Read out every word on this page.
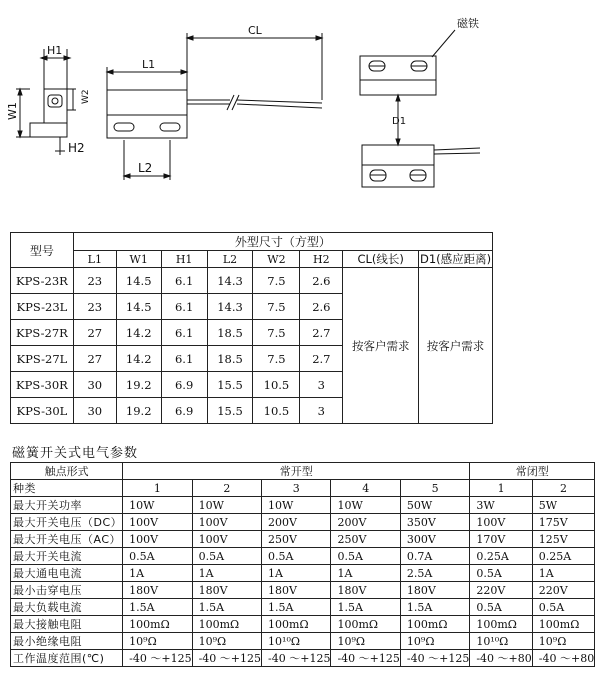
H1
W1
W2
H2
L1
L2
CL
磁铁
D1
型号	外型尺寸（方型）							
	L1	W1	H1	L2	W2	H2	CL(线长)	D1(感应距离)
KPS-23R	23	14.5	6.1	14.3	7.5	2.6	按客户需求	按客户需求
KPS-23L	23	14.5	6.1	14.3	7.5	2.6		
KPS-27R	27	14.2	6.1	18.5	7.5	2.7		
KPS-27L	27	14.2	6.1	18.5	7.5	2.7		
KPS-30R	30	19.2	6.9	15.5	10.5	3		
KPS-30L	30	19.2	6.9	15.5	10.5	3		
磁簧开关式电气参数
触点形式	常开型					常闭型	
种类	1	2	3	4	5	1	2
最大开关功率	10W	10W	10W	10W	50W	3W	5W
最大开关电压（DC）	100V	100V	200V	200V	350V	100V	175V
最大开关电压（AC）	100V	100V	250V	250V	300V	170V	125V
最大开关电流	0.5A	0.5A	0.5A	0.5A	0.7A	0.25A	0.25A
最大通电电流	1A	1A	1A	1A	2.5A	0.5A	1A
最小击穿电压	180V	180V	180V	180V	180V	220V	220V
最大负载电流	1.5A	1.5A	1.5A	1.5A	1.5A	0.5A	0.5A
最大接触电阻	100mΩ	100mΩ	100mΩ	100mΩ	100mΩ	100mΩ	100mΩ
最小绝缘电阻	10⁹Ω	10⁹Ω	10¹⁰Ω	10⁹Ω	10⁹Ω	10¹⁰Ω	10⁹Ω
工作温度范围(℃)	-40 ～+125	-40 ～+125	-40 ～+125	-40 ～+125	-40 ～+125	-40 ～+80	-40 ～+80
